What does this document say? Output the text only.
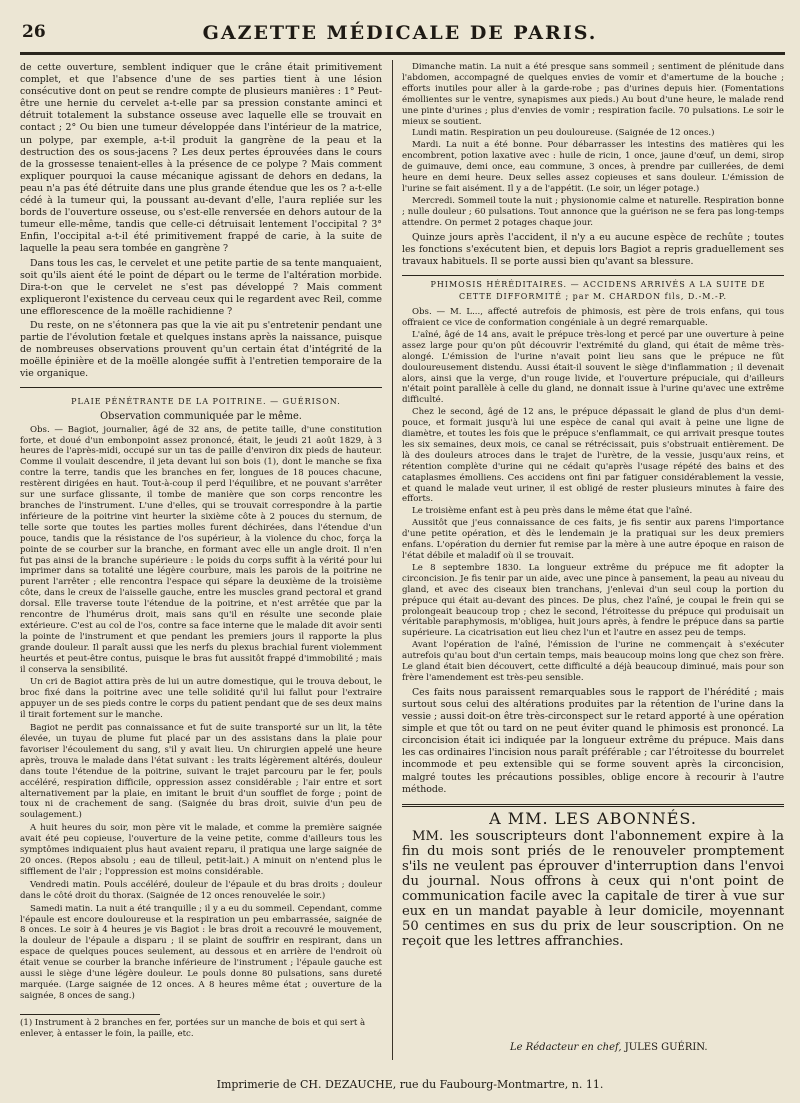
26	GAZETTE MÉDICALE DE PARIS.

de cette ouverture, semblent indiquer que le crâne était primitivement complet, et que l'absence d'une de ses parties tient à une lésion consécutive dont on peut se rendre compte de plusieurs manières : 1° Peut-être une hernie du cervelet a-t-elle par sa pression constante aminci et détruit totalement la substance osseuse avec laquelle elle se trouvait en contact ; 2° Ou bien une tumeur développée dans l'intérieur de la matrice, un polype, par exemple, a-t-il produit la gangrène de la peau et la destruction des os sous-jacens ? Les deux pertes éprouvées dans le cours de la grossesse tenaient-elles à la présence de ce polype ? Mais comment expliquer pourquoi la cause mécanique agissant de dehors en dedans, la peau n'a pas été détruite dans une plus grande étendue que les os ? a-t-elle cédé à la tumeur qui, la poussant au-devant d'elle, l'aura repliée sur les bords de l'ouverture osseuse, ou s'est-elle renversée en dehors autour de la tumeur elle-même, tandis que celle-ci détruisait lentement l'occipital ? 3° Enfin, l'occipital a-t-il été primitivement frappé de carie, à la suite de laquelle la peau sera tombée en gangrène ?

Dans tous les cas, le cervelet et une petite partie de sa tente manquaient, soit qu'ils aient été le point de départ ou le terme de l'altération morbide. Dira-t-on que le cervelet ne s'est pas développé ? Mais comment expliqueront l'existence du cerveau ceux qui le regardent avec Reil, comme une efflorescence de la moëlle rachidienne ?

Du reste, on ne s'étonnera pas que la vie ait pu s'entretenir pendant une partie de l'évolution fœtale et quelques instans après la naissance, puisque de nombreuses observations prouvent qu'un certain état d'intégrité de la moëlle épinière et de la moëlle alongée suffit à l'entretien temporaire de la vie organique.

PLAIE PÉNÉTRANTE DE LA POITRINE. — GUÉRISON.

Observation communiquée par le même.

Obs. — Bagiot, journalier, âgé de 32 ans, de petite taille, d'une constitution forte, et doué d'un embonpoint assez prononcé, était, le jeudi 21 août 1829, à 3 heures de l'après-midi, occupé sur un tas de paille d'environ dix pieds de hauteur. Comme il voulait descendre, il jeta devant lui son bois (1), dont le manche se fixa contre la terre, tandis que les branches en fer, longues de 18 pouces chacune, restèrent dirigées en haut. Tout-à-coup il perd l'équilibre, et ne pouvant s'arrêter sur une surface glissante, il tombe de manière que son corps rencontre les branches de l'instrument. L'une d'elles, qui se trouvait correspondre à la partie inférieure de la poitrine vint heurter la sixième côte à 2 pouces du sternum, de telle sorte que toutes les parties molles furent déchirées, dans l'étendue d'un pouce, tandis que la résistance de l'os supérieur, à la violence du choc, força la pointe de se courber sur la branche, en formant avec elle un angle droit. Il n'en fut pas ainsi de la branche supérieure : le poids du corps suffit à la vérité pour lui imprimer dans sa totalité une légère courbure, mais les parois de la poitrine ne purent l'arrêter ; elle rencontra l'espace qui sépare la deuxième de la troisième côte, dans le creux de l'aisselle gauche, entre les muscles grand pectoral et grand dorsal. Elle traverse toute l'étendue de la poitrine, et n'est arrêtée que par la rencontre de l'humérus droit, mais sans qu'il en résulte une seconde plaie extérieure. C'est au col de l'os, contre sa face interne que le malade dit avoir senti la pointe de l'instrument et que pendant les premiers jours il rapporte la plus grande douleur. Il paraît aussi que les nerfs du plexus brachial furent violemment heurtés et peut-être contus, puisque le bras fut aussitôt frappé d'immobilité ; mais il conserva la sensibilité.

Un cri de Bagiot attira près de lui un autre domestique, qui le trouva debout, le broc fixé dans la poitrine avec une telle solidité qu'il lui fallut pour l'extraire appuyer un de ses pieds contre le corps du patient pendant que de ses deux mains il tirait fortement sur le manche.

Bagiot ne perdit pas connaissance et fut de suite transporté sur un lit, la tête élevée, un tuyau de plume fut placé par un des assistans dans la plaie pour favoriser l'écoulement du sang, s'il y avait lieu. Un chirurgien appelé une heure après, trouva le malade dans l'état suivant : les traits légèrement altérés, douleur dans toute l'étendue de la poitrine, suivant le trajet parcouru par le fer, pouls accéléré, respiration difficile, oppression assez considérable ; l'air entre et sort alternativement par la plaie, en imitant le bruit d'un soufflet de forge ; point de toux ni de crachement de sang. (Saignée du bras droit, suivie d'un peu de soulagement.)

A huit heures du soir, mon père vit le malade, et comme la première saignée avait été peu copieuse, l'ouverture de la veine petite, comme d'ailleurs tous les symptômes indiquaient plus haut avaient reparu, il pratiqua une large saignée de 20 onces. (Repos absolu ; eau de tilleul, petit-lait.) A minuit on n'entend plus le sifflement de l'air ; l'oppression est moins considérable.

Vendredi matin. Pouls accéléré, douleur de l'épaule et du bras droits ; douleur dans le côté droit du thorax. (Saignée de 12 onces renouvelée le soir.)

Samedi matin. La nuit a été tranquille ; il y a eu du sommeil. Cependant, comme l'épaule est encore douloureuse et la respiration un peu embarrassée, saignée de 8 onces. Le soir à 4 heures je vis Bagiot : le bras droit a recouvré le mouvement, la douleur de l'épaule a disparu ; il se plaint de souffrir en respirant, dans un espace de quelques pouces seulement, au dessous et en arrière de l'endroit où était venue se courber la branche inférieure de l'instrument ; l'épaule gauche est aussi le siège d'une légère douleur. Le pouls donne 80 pulsations, sans dureté marquée. (Large saignée de 12 onces. A 8 heures même état ; ouverture de la saignée, 8 onces de sang.)

(1) Instrument à 2 branches en fer, portées sur un manche de bois et qui sert à enlever, à entasser le foin, la paille, etc.

Dimanche matin. La nuit a été presque sans sommeil ; sentiment de plénitude dans l'abdomen, accompagné de quelques envies de vomir et d'amertume de la bouche ; efforts inutiles pour aller à la garde-robe ; pas d'urines depuis hier. (Fomentations émollientes sur le ventre, synapismes aux pieds.) Au bout d'une heure, le malade rend une pinte d'urines ; plus d'envies de vomir ; respiration facile. 70 pulsations. Le soir le mieux se soutient.

Lundi matin. Respiration un peu douloureuse. (Saignée de 12 onces.)

Mardi. La nuit a été bonne. Pour débarrasser les intestins des matières qui les encombrent, potion laxative avec : huile de ricin, 1 once, jaune d'œuf, un demi, sirop de guimauve, demi once, eau commune, 3 onces, à prendre par cuillerées, de demi heure en demi heure. Deux selles assez copieuses et sans douleur. L'émission de l'urine se fait aisément. Il y a de l'appétit. (Le soir, un léger potage.)

Mercredi. Sommeil toute la nuit ; physionomie calme et naturelle. Respiration bonne ; nulle douleur ; 60 pulsations. Tout annonce que la guérison ne se fera pas long-temps attendre. On permet 2 potages chaque jour.

Quinze jours après l'accident, il n'y a eu aucune espèce de rechûte ; toutes les fonctions s'exécutent bien, et depuis lors Bagiot a repris graduellement ses travaux habituels. Il se porte aussi bien qu'avant sa blessure.

PHIMOSIS HÉRÉDITAIRES. — ACCIDENS ARRIVÉS A LA SUITE DE CETTE DIFFORMITÉ ; par M. CHARDON fils, D.-M.-P.

Obs. — M. L..., affecté autrefois de phimosis, est père de trois enfans, qui tous offraient ce vice de conformation congéniale à un degré remarquable.

L'aîné, âgé de 14 ans, avait le prépuce très-long et percé par une ouverture à peine assez large pour qu'on pût découvrir l'extrémité du gland, qui était de même très-alongé. L'émission de l'urine n'avait point lieu sans que le prépuce ne fût douloureusement distendu. Aussi était-il souvent le siège d'inflammation ; il devenait alors, ainsi que la verge, d'un rouge livide, et l'ouverture prépuciale, qui d'ailleurs n'était point parallèle à celle du gland, ne donnait issue à l'urine qu'avec une extrême difficulté.

Chez le second, âgé de 12 ans, le prépuce dépassait le gland de plus d'un demi-pouce, et formait jusqu'à lui une espèce de canal qui avait à peine une ligne de diamètre, et toutes les fois que le prépuce s'enflammait, ce qui arrivait presque toutes les six semaines, deux mois, ce canal se rétrécissait, puis s'obstruait entièrement. De là des douleurs atroces dans le trajet de l'urètre, de la vessie, jusqu'aux reins, et rétention complète d'urine qui ne cédait qu'après l'usage répété des bains et des cataplasmes émolliens. Ces accidens ont fini par fatiguer considérablement la vessie, et quand le malade veut uriner, il est obligé de rester plusieurs minutes à faire des efforts.

Le troisième enfant est à peu près dans le même état que l'aîné.

Aussitôt que j'eus connaissance de ces faits, je fis sentir aux parens l'importance d'une petite opération, et dès le lendemain je la pratiquai sur les deux premiers enfans. L'opération du dernier fut remise par la mère à une autre époque en raison de l'état débile et maladif où il se trouvait.

Le 8 septembre 1830. La longueur extrême du prépuce me fit adopter la circoncision. Je fis tenir par un aide, avec une pince à pansement, la peau au niveau du gland, et avec des ciseaux bien tranchans, j'enlevai d'un seul coup la portion du prépuce qui était au-devant des pinces. De plus, chez l'aîné, je coupai le frein qui se prolongeait beaucoup trop ; chez le second, l'étroitesse du prépuce qui produisait un véritable paraphymosis, m'obligea, huit jours après, à fendre le prépuce dans sa partie supérieure. La cicatrisation eut lieu chez l'un et l'autre en assez peu de temps.

Avant l'opération de l'aîné, l'émission de l'urine ne commençait à s'exécuter autrefois qu'au bout d'un certain temps, mais beaucoup moins long que chez son frère. Le gland était bien découvert, cette difficulté a déjà beaucoup diminué, mais pour son frère l'amendement est très-peu sensible.

Ces faits nous paraissent remarquables sous le rapport de l'hérédité ; mais surtout sous celui des altérations produites par la rétention de l'urine dans la vessie ; aussi doit-on être très-circonspect sur le retard apporté à une opération simple et que tôt ou tard on ne peut éviter quand le phimosis est prononcé. La circoncision était ici indiquée par la longueur extrême du prépuce. Mais dans les cas ordinaires l'incision nous paraît préférable ; car l'étroitesse du bourrelet incommode et peu extensible qui se forme souvent après la circoncision, malgré toutes les précautions possibles, oblige encore à recourir à l'autre méthode.

A MM. LES ABONNÉS.

MM. les souscripteurs dont l'abonnement expire à la fin du mois sont priés de le renouveler promptement s'ils ne veulent pas éprouver d'interruption dans l'envoi du journal. Nous offrons à ceux qui n'ont point de communication facile avec la capitale de tirer à vue sur eux en un mandat payable à leur domicile, moyennant 50 centimes en sus du prix de leur souscription. On ne reçoit que les lettres affranchies.

Le Rédacteur en chef, JULES GUÉRIN.
Imprimerie de CH. DEZAUCHE, rue du Faubourg-Montmartre, n. 11.
